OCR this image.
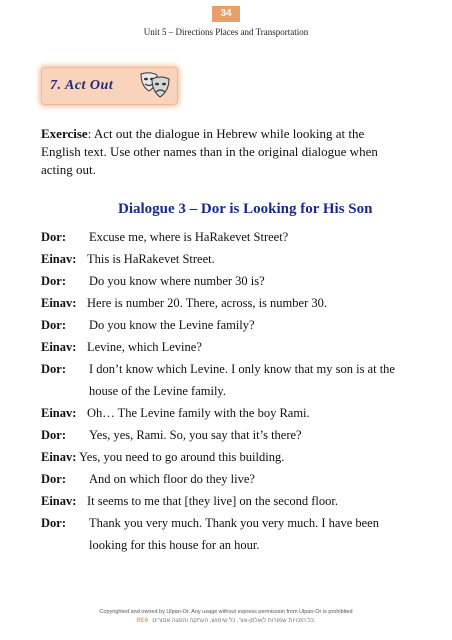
34
Unit 5 – Directions Places and Transportation
7. Act Out
Exercise: Act out the dialogue in Hebrew while looking at the English text. Use other names than in the original dialogue when acting out.
Dialogue 3 – Dor is Looking for His Son
Dor: Excuse me, where is HaRakevet Street?
Einav: This is HaRakevet Street.
Dor: Do you know where number 30 is?
Einav: Here is number 20. There, across, is number 30.
Dor: Do you know the Levine family?
Einav: Levine, which Levine?
Dor: I don’t know which Levine. I only know that my son is at the
house of the Levine family.
Einav: Oh… The Levine family with the boy Rami.
Dor: Yes, yes, Rami. So, you say that it’s there?
Einav: Yes, you need to go around this building.
Dor: And on which floor do they live?
Einav: It seems to me that [they live] on the second floor.
Dor: Thank you very much. Thank you very much. I have been
looking for this house for an hour.
Copyrighted and owned by Ulpan-Or. Any usage without express permission from Ulpan-Or is prohibited
RE6 כל הזכויות שמורות לאולפן-אור. כל שימוש, העתקה והפצה אסורים.
